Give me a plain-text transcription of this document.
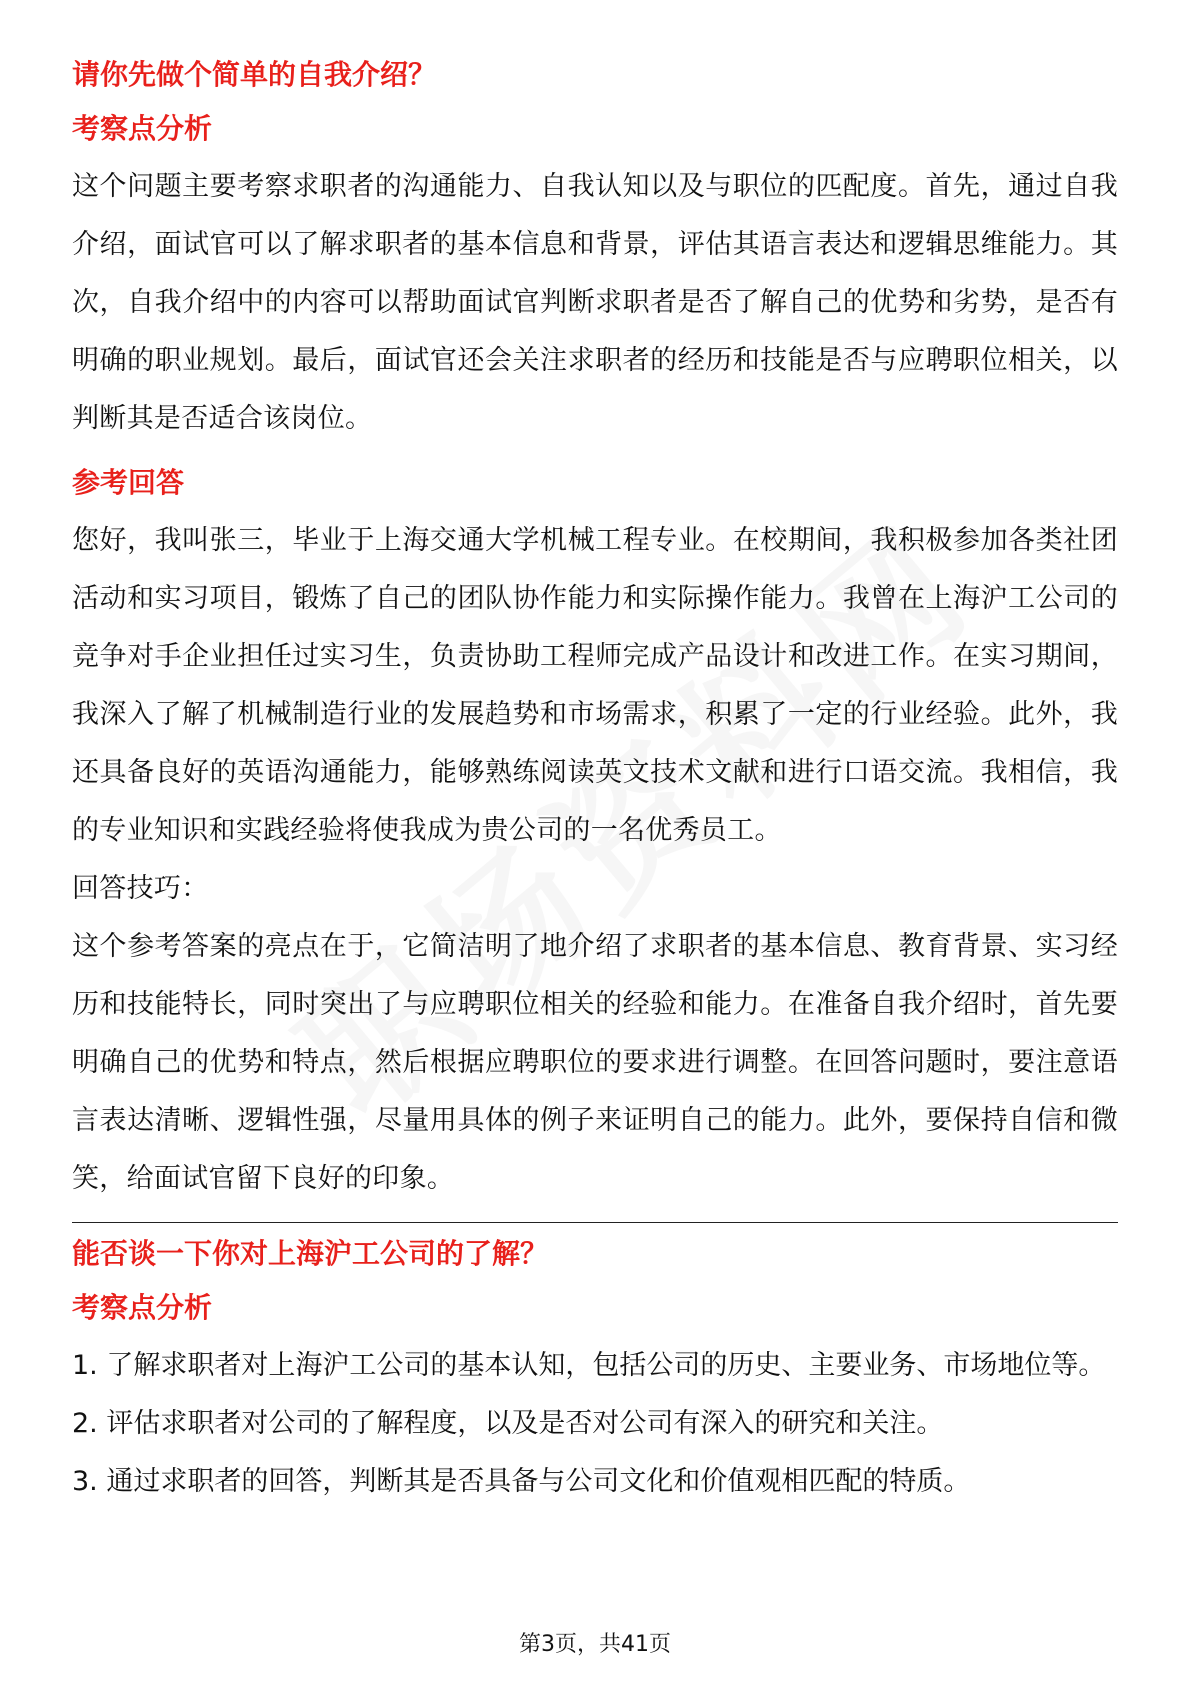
请你先做个简单的自我介绍？
考察点分析

这个问题主要考察求职者的沟通能力、自我认知以及与职位的匹配度。首先，通过自我介绍，面试官可以了解求职者的基本信息和背景，评估其语言表达和逻辑思维能力。其次，自我介绍中的内容可以帮助面试官判断求职者是否了解自己的优势和劣势，是否有明确的职业规划。最后，面试官还会关注求职者的经历和技能是否与应聘职位相关，以判断其是否适合该岗位。

参考回答

您好，我叫张三，毕业于上海交通大学机械工程专业。在校期间，我积极参加各类社团活动和实习项目，锻炼了自己的团队协作能力和实际操作能力。我曾在上海沪工公司的竞争对手企业担任过实习生，负责协助工程师完成产品设计和改进工作。在实习期间，我深入了解了机械制造行业的发展趋势和市场需求，积累了一定的行业经验。此外，我还具备良好的英语沟通能力，能够熟练阅读英文技术文献和进行口语交流。我相信，我的专业知识和实践经验将使我成为贵公司的一名优秀员工。

回答技巧：

这个参考答案的亮点在于，它简洁明了地介绍了求职者的基本信息、教育背景、实习经历和技能特长，同时突出了与应聘职位相关的经验和能力。在准备自我介绍时，首先要明确自己的优势和特点，然后根据应聘职位的要求进行调整。在回答问题时，要注意语言表达清晰、逻辑性强，尽量用具体的例子来证明自己的能力。此外，要保持自信和微笑，给面试官留下良好的印象。

能否谈一下你对上海沪工公司的了解？
考察点分析

1. 了解求职者对上海沪工公司的基本认知，包括公司的历史、主要业务、市场地位等。

2. 评估求职者对公司的了解程度，以及是否对公司有深入的研究和关注。

3. 通过求职者的回答，判断其是否具备与公司文化和价值观相匹配的特质。

第3页，共41页
